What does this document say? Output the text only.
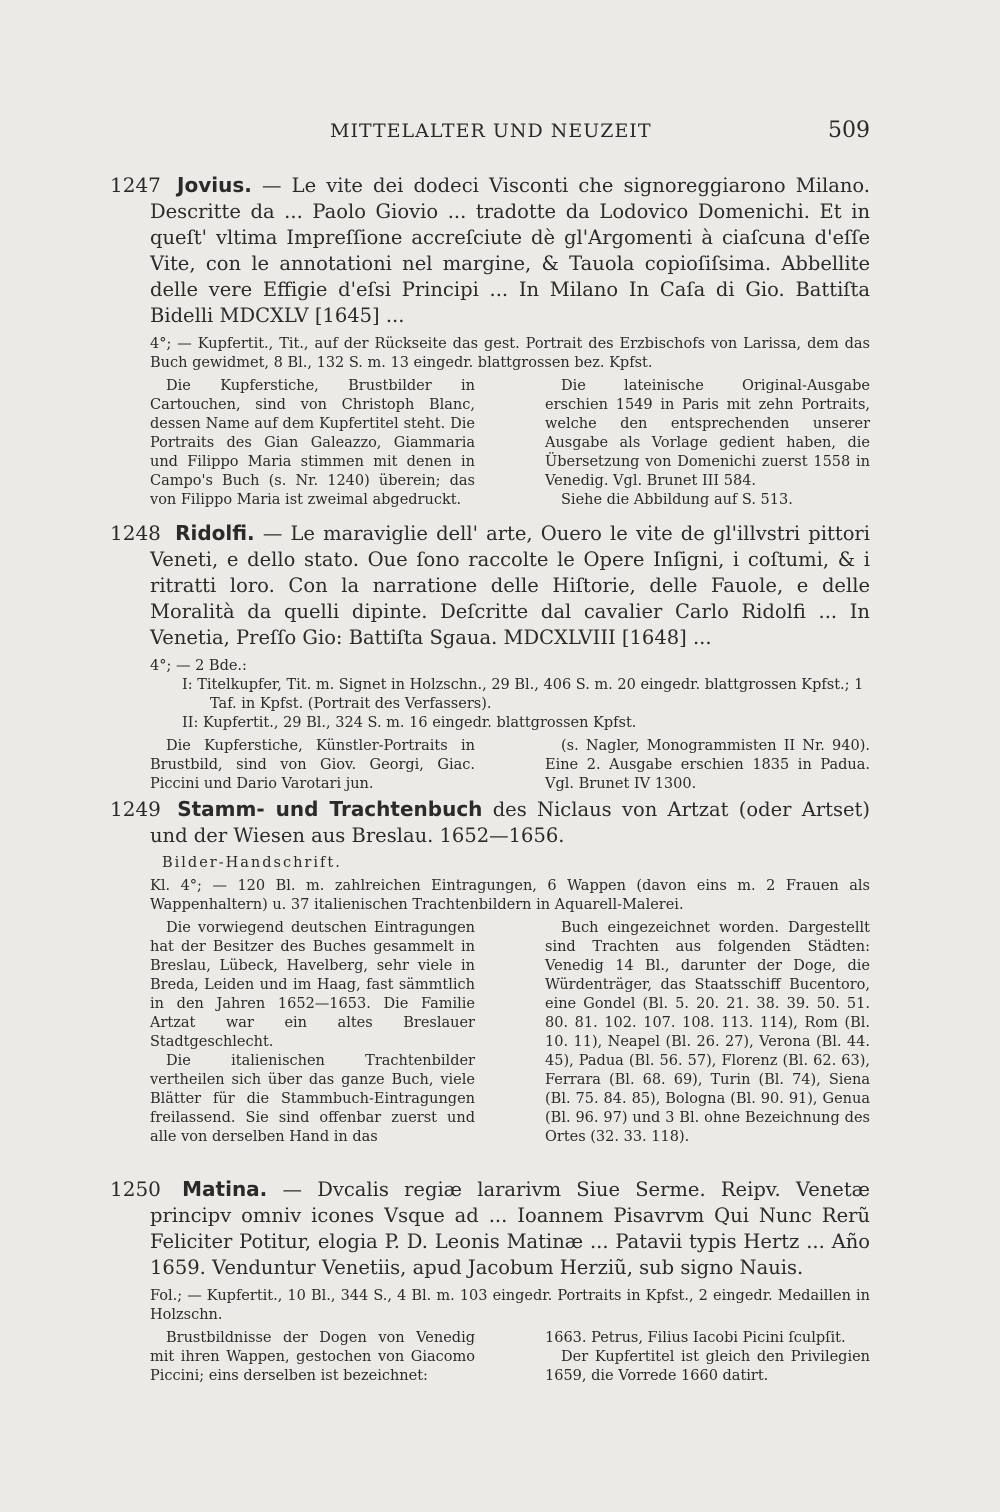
MITTELALTER UND NEUZEIT	509

1247 Jovius. — Le vite dei dodeci Visconti che signoreggiarono Milano. Descritte da ... Paolo Giovio ... tradotte da Lodovico Domenichi. Et in queſt' vltima Impreſſione accreſciute dè gl'Argomenti à ciaſcuna d'eſſe Vite, con le annotationi nel margine, & Tauola copioſiſsima. Abbellite delle vere Effigie d'eſsi Principi ... In Milano In Caſa di Gio. Battiſta Bidelli MDCXLV [1645] ...

4°; — Kupfertit., Tit., auf der Rückseite das gest. Portrait des Erzbischofs von Larissa, dem das Buch gewidmet, 8 Bl., 132 S. m. 13 eingedr. blattgrossen bez. Kpfst.

Die Kupferstiche, Brustbilder in Cartouchen, sind von Christoph Blanc, dessen Name auf dem Kupfertitel steht. Die Portraits des Gian Galeazzo, Giammaria und Filippo Maria stimmen mit denen in Campo's Buch (s. Nr. 1240) überein; das von Filippo Maria ist zweimal abgedruckt.

Die lateinische Original-Ausgabe erschien 1549 in Paris mit zehn Portraits, welche den entsprechenden unserer Ausgabe als Vorlage gedient haben, die Übersetzung von Domenichi zuerst 1558 in Venedig. Vgl. Brunet III 584.

Siehe die Abbildung auf S. 513.

1248 Ridolfi. — Le maraviglie dell' arte, Ouero le vite de gl'illvstri pittori Veneti, e dello stato. Oue ſono raccolte le Opere Inſigni, i coſtumi, & i ritratti loro. Con la narratione delle Hiſtorie, delle Fauole, e delle Moralità da quelli dipinte. Deſcritte dal cavalier Carlo Ridolfi ... In Venetia, Preſſo Gio: Battiſta Sgaua. MDCXLVIII [1648] ...

4°; — 2 Bde.:

I: Titelkupfer, Tit. m. Signet in Holzschn., 29 Bl., 406 S. m. 20 eingedr. blattgrossen Kpfst.; 1 Taf. in Kpfst. (Portrait des Verfassers).

II: Kupfertit., 29 Bl., 324 S. m. 16 eingedr. blattgrossen Kpfst.

Die Kupferstiche, Künstler-Portraits in Brustbild, sind von Giov. Georgi, Giac. Piccini und Dario Varotari jun.

(s. Nagler, Monogrammisten II Nr. 940). Eine 2. Ausgabe erschien 1835 in Padua. Vgl. Brunet IV 1300.

1249 Stamm- und Trachtenbuch des Niclaus von Artzat (oder Artset) und der Wiesen aus Breslau. 1652—1656.

Bilder-Handschrift.

Kl. 4°; — 120 Bl. m. zahlreichen Eintragungen, 6 Wappen (davon eins m. 2 Frauen als Wappenhaltern) u. 37 italienischen Trachtenbildern in Aquarell-Malerei.

Die vorwiegend deutschen Eintragungen hat der Besitzer des Buches gesammelt in Breslau, Lübeck, Havelberg, sehr viele in Breda, Leiden und im Haag, fast sämmtlich in den Jahren 1652—1653. Die Familie Artzat war ein altes Breslauer Stadtgeschlecht.

Die italienischen Trachtenbilder vertheilen sich über das ganze Buch, viele Blätter für die Stammbuch-Eintragungen freilassend. Sie sind offenbar zuerst und alle von derselben Hand in das

Buch eingezeichnet worden. Dargestellt sind Trachten aus folgenden Städten: Venedig 14 Bl., darunter der Doge, die Würdenträger, das Staatsschiff Bucentoro, eine Gondel (Bl. 5. 20. 21. 38. 39. 50. 51. 80. 81. 102. 107. 108. 113. 114), Rom (Bl. 10. 11), Neapel (Bl. 26. 27), Verona (Bl. 44. 45), Padua (Bl. 56. 57), Florenz (Bl. 62. 63), Ferrara (Bl. 68. 69), Turin (Bl. 74), Siena (Bl. 75. 84. 85), Bologna (Bl. 90. 91), Genua (Bl. 96. 97) und 3 Bl. ohne Bezeichnung des Ortes (32. 33. 118).

1250 Matina. — Dvcalis regiæ lararivm Siue Serme. Reipv. Venetæ principv omniv icones Vsque ad ... Ioannem Pisavrvm Qui Nunc Rerũ Feliciter Potitur, elogia P. D. Leonis Matinæ ... Patavii typis Hertz ... Año 1659. Venduntur Venetiis, apud Jacobum Herziũ, sub signo Nauis.

Fol.; — Kupfertit., 10 Bl., 344 S., 4 Bl. m. 103 eingedr. Portraits in Kpfst., 2 eingedr. Medaillen in Holzschn.

Brustbildnisse der Dogen von Venedig mit ihren Wappen, gestochen von Giacomo Piccini; eins derselben ist bezeichnet:

1663. Petrus, Filius Iacobi Picini ſculpſit.

Der Kupfertitel ist gleich den Privilegien 1659, die Vorrede 1660 datirt.
